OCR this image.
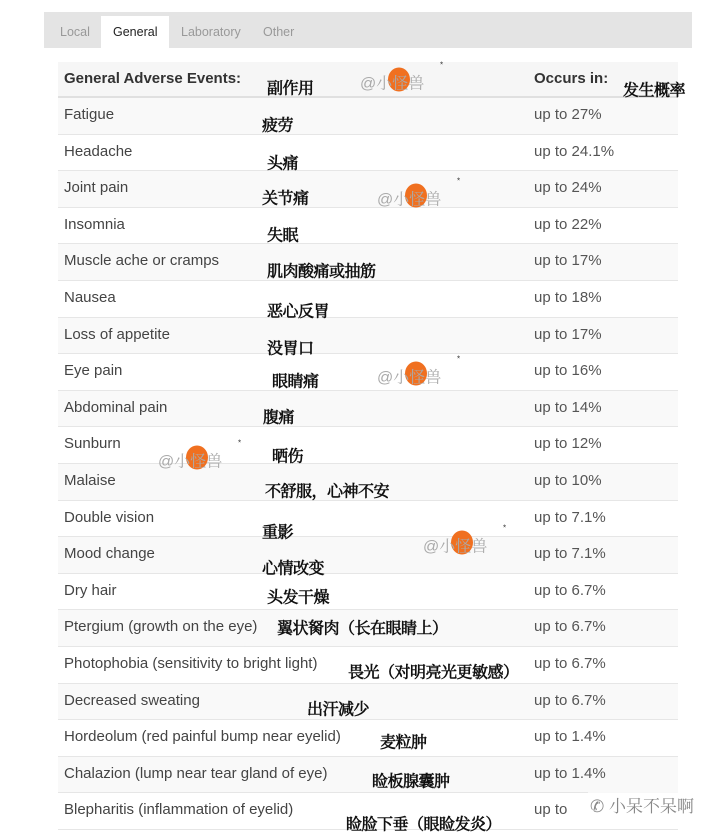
Local	General	Laboratory	Other
General Adverse Events:	Occurs in:
Fatigue	up to 27%
Headache	up to 24.1%
Joint pain	up to 24%
Insomnia	up to 22%
Muscle ache or cramps	up to 17%
Nausea	up to 18%
Loss of appetite	up to 17%
Eye pain	up to 16%
Abdominal pain	up to 14%
Sunburn	up to 12%
Malaise	up to 10%
Double vision	up to 7.1%
Mood change	up to 7.1%
Dry hair	up to 6.7%
Ptergium (growth on the eye)	up to 6.7%
Photophobia (sensitivity to bright light)	up to 6.7%
Decreased sweating	up to 6.7%
Hordeolum (red painful bump near eyelid)	up to 1.4%
Chalazion (lump near tear gland of eye)	up to 1.4%
Blepharitis (inflammation of eyelid)	up to
副作用	发生概率
疲劳
头痛
关节痛
失眠
肌肉酸痛或抽筋
恶心反胃
没胃口
眼睛痛
腹痛
晒伤
不舒服，心神不安
重影
心情改变
头发干燥
翼状胬肉（长在眼睛上）
畏光（对明亮光更敏感）
出汗减少
麦粒肿
睑板腺囊肿
睑脸下垂（眼睑发炎）
@小怪兽
*
@小怪兽
*
@小怪兽
*
@小怪兽
*
@小怪兽
*
✆ 小呆不呆啊
